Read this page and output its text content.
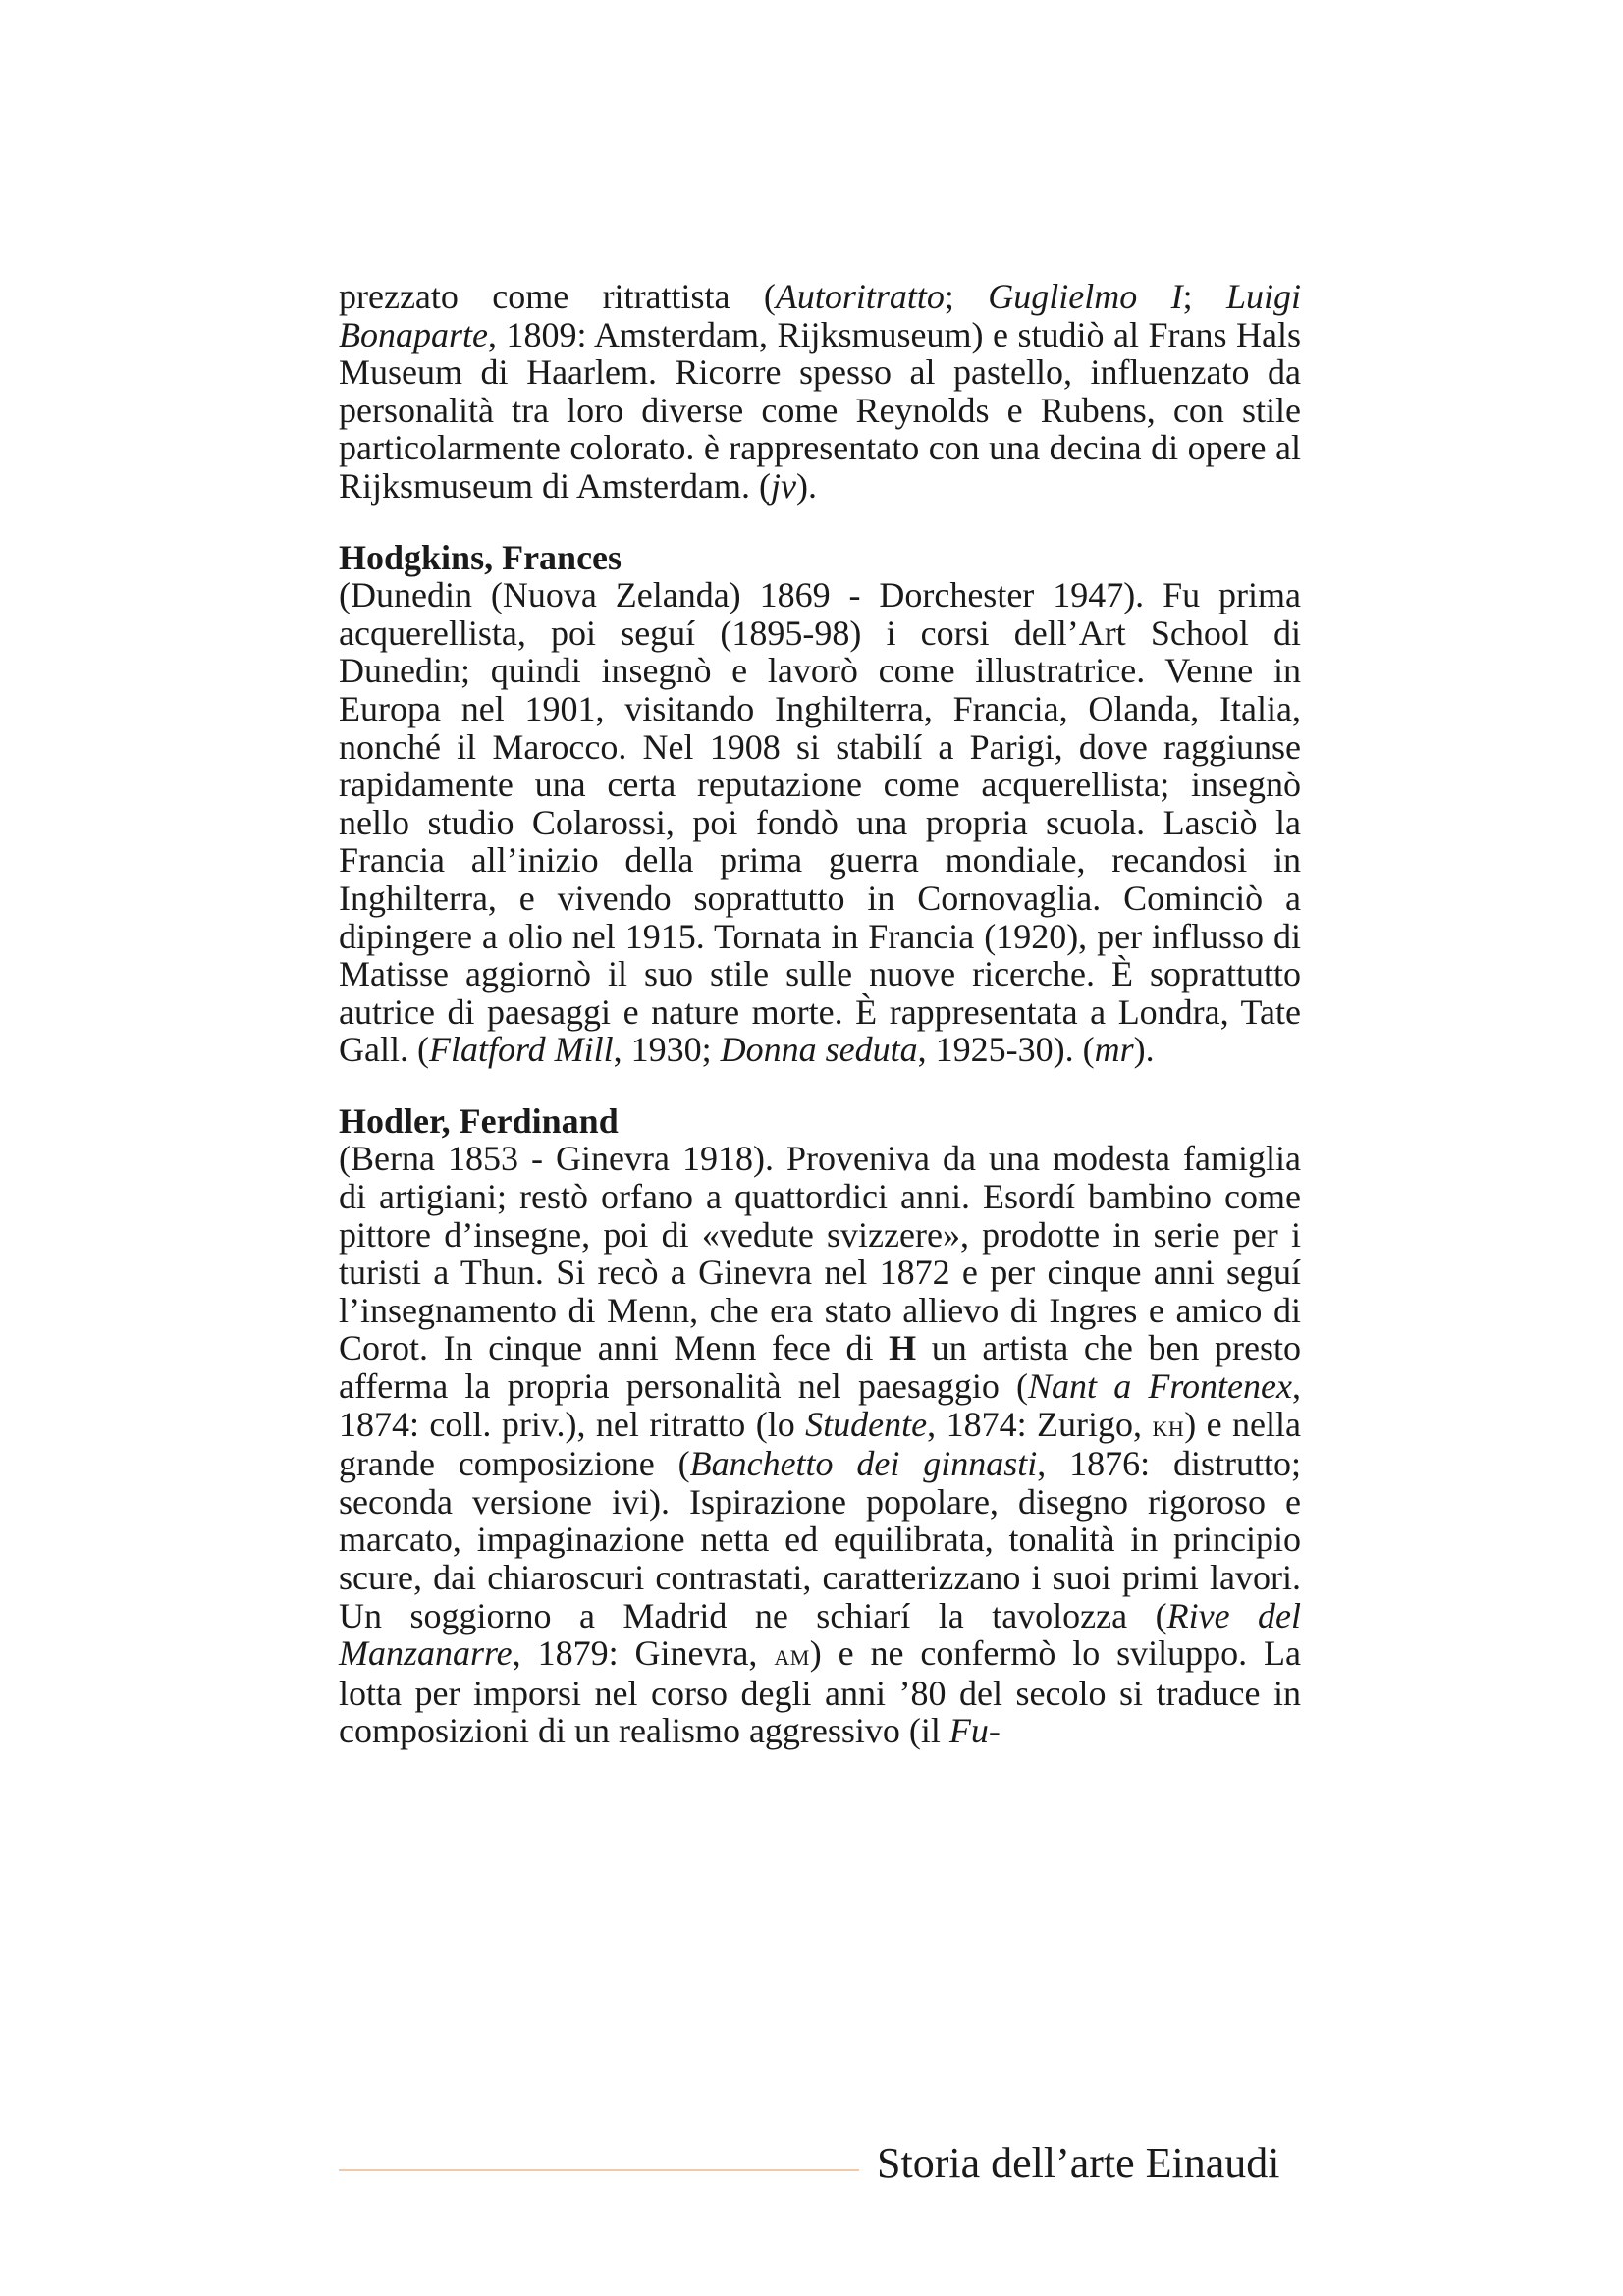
prezzato come ritrattista (Autoritratto; Guglielmo I; Luigi Bonaparte, 1809: Amsterdam, Rijksmuseum) e studiò al Frans Hals Museum di Haarlem. Ricorre spesso al pastello, influenzato da personalità tra loro diverse come Reynolds e Rubens, con stile particolarmente colorato. è rappresentato con una decina di opere al Rijksmuseum di Amsterdam. (jv).

Hodgkins, Frances

(Dunedin (Nuova Zelanda) 1869 - Dorchester 1947). Fu prima acquerellista, poi seguí (1895-98) i corsi dell’Art School di Dunedin; quindi insegnò e lavorò come illustratrice. Venne in Europa nel 1901, visitando Inghilterra, Francia, Olanda, Italia, nonché il Marocco. Nel 1908 si stabilí a Parigi, dove raggiunse rapidamente una certa reputazione come acquerellista; insegnò nello studio Colarossi, poi fondò una propria scuola. Lasciò la Francia all’inizio della prima guerra mondiale, recandosi in Inghilterra, e vivendo soprattutto in Cornovaglia. Cominciò a dipingere a olio nel 1915. Tornata in Francia (1920), per influsso di Matisse aggiornò il suo stile sulle nuove ricerche. È soprattutto autrice di paesaggi e nature morte. È rappresentata a Londra, Tate Gall. (Flatford Mill, 1930; Donna seduta, 1925-30). (mr).

Hodler, Ferdinand

(Berna 1853 - Ginevra 1918). Proveniva da una modesta famiglia di artigiani; restò orfano a quattordici anni. Esordí bambino come pittore d’insegne, poi di «vedute svizzere», prodotte in serie per i turisti a Thun. Si recò a Ginevra nel 1872 e per cinque anni seguí l’insegnamento di Menn, che era stato allievo di Ingres e amico di Corot. In cinque anni Menn fece di H un artista che ben presto afferma la propria personalità nel paesaggio (Nant a Frontenex, 1874: coll. priv.), nel ritratto (lo Studente, 1874: Zurigo, kh) e nella grande composizione (Banchetto dei ginnasti, 1876: distrutto; seconda versione ivi). Ispirazione popolare, disegno rigoroso e marcato, impaginazione netta ed equilibrata, tonalità in principio scure, dai chiaroscuri contrastati, caratterizzano i suoi primi lavori. Un soggiorno a Madrid ne schiarí la tavolozza (Rive del Manzanarre, 1879: Ginevra, am) e ne confermò lo sviluppo. La lotta per imporsi nel corso degli anni ’80 del secolo si traduce in composizioni di un realismo aggressivo (il Fu-

Storia dell’arte Einaudi
